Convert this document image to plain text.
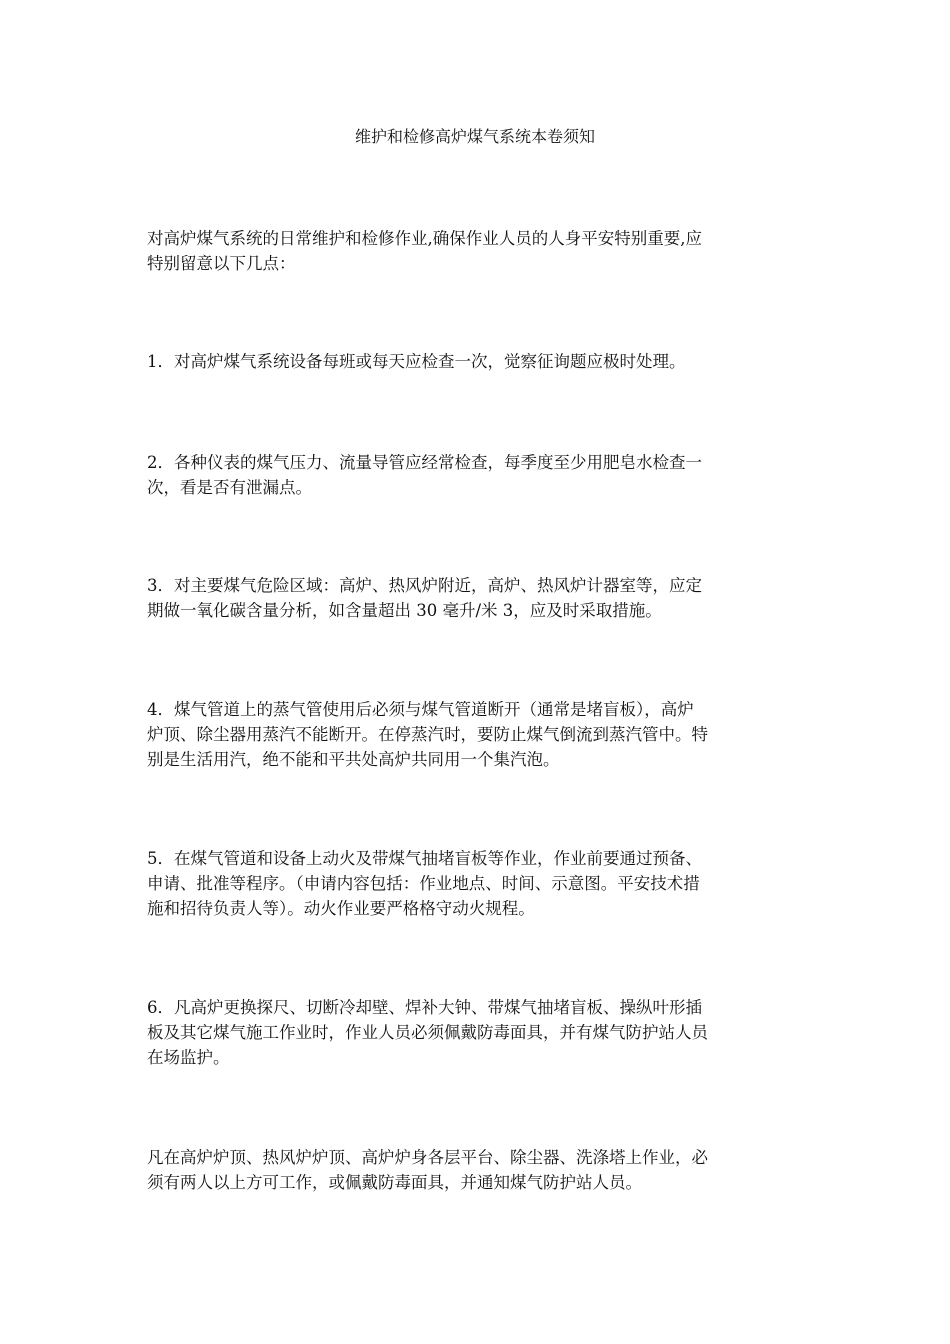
维护和检修高炉煤气系统本卷须知

对高炉煤气系统的日常维护和检修作业,确保作业人员的人身平安特别重要,应
特别留意以下几点：

1．对高炉煤气系统设备每班或每天应检查一次，觉察征询题应极时处理。

2．各种仪表的煤气压力、流量导管应经常检查，每季度至少用肥皂水检查一
次，看是否有泄漏点。

3．对主要煤气危险区域：高炉、热风炉附近，高炉、热风炉计器室等，应定
期做一氧化碳含量分析，如含量超出 30 毫升/米 3，应及时采取措施。

4．煤气管道上的蒸气管使用后必须与煤气管道断开（通常是堵盲板），高炉
炉顶、除尘器用蒸汽不能断开。在停蒸汽时，要防止煤气倒流到蒸汽管中。特
别是生活用汽，绝不能和平共处高炉共同用一个集汽泡。

5．在煤气管道和设备上动火及带煤气抽堵盲板等作业，作业前要通过预备、
申请、批准等程序。（申请内容包括：作业地点、时间、示意图。平安技术措
施和招待负责人等）。动火作业要严格格守动火规程。

6．凡高炉更换探尺、切断冷却壁、焊补大钟、带煤气抽堵盲板、操纵叶形插
板及其它煤气施工作业时，作业人员必须佩戴防毒面具，并有煤气防护站人员
在场监护。

凡在高炉炉顶、热风炉炉顶、高炉炉身各层平台、除尘器、洗涤塔上作业，必
须有两人以上方可工作，或佩戴防毒面具，并通知煤气防护站人员。
